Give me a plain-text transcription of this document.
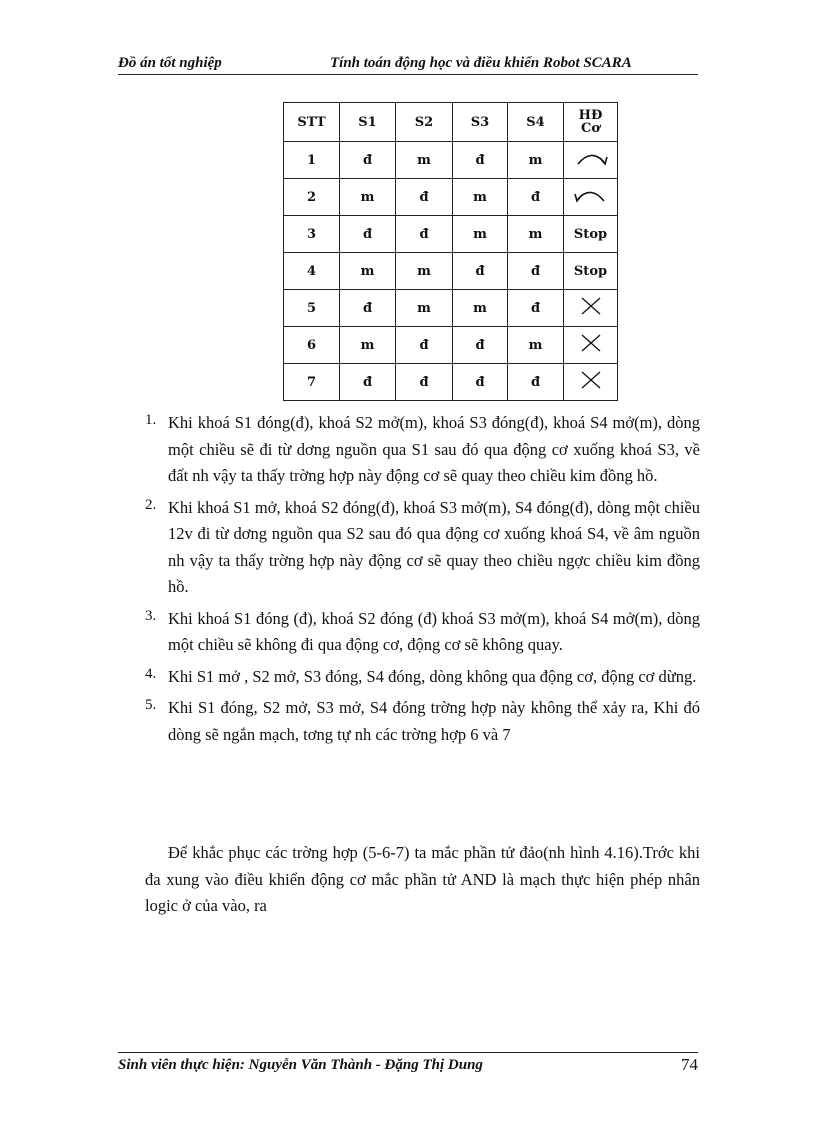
Đồ án tốt nghiệp	Tính toán động học và điều khiển Robot SCARA
STT	S1	S2	S3	S4	HĐ
Cơ
1	đ	m	đ	m	
2	m	đ	m	đ	
3	đ	đ	m	m	Stop
4	m	m	đ	đ	Stop
5	đ	m	m	đ	
6	m	đ	đ	m	
7	đ	đ	đ	đ	
1. Khi khoá S1 đóng(đ), khoá S2 mở(m), khoá S3 đóng(đ), khoá S4 mở(m), dòng một chiều sẽ đi từ dơng nguồn qua S1 sau đó qua động cơ xuống khoá S3, về đất nh vậy ta thấy trờng hợp này động cơ sẽ quay theo chiều kim đồng hồ.
2. Khi khoá S1 mở, khoá S2 đóng(đ), khoá S3 mở(m), S4 đóng(đ), dòng một chiều 12v đi từ dơng nguồn qua S2 sau đó qua động cơ xuống khoá S4, về âm nguồn nh vậy ta thấy trờng hợp này động cơ sẽ quay theo chiều ngợc chiều kim đồng hồ.
3. Khi khoá S1 đóng (đ), khoá S2 đóng (đ) khoá S3 mở(m), khoá S4 mở(m), dòng một chiều sẽ không đi qua động cơ, động cơ sẽ không quay.
4. Khi S1 mở , S2 mở, S3 đóng, S4 đóng, dòng không qua động cơ, động cơ dừng.
5. Khi S1 đóng, S2 mở, S3 mở, S4 đóng trờng hợp này không thể xảy ra, Khi đó dòng sẽ ngắn mạch, tơng tự nh các trờng hợp 6 và 7
Để khắc phục các trờng hợp (5-6-7) ta mắc phần tử đảo(nh hình 4.16).Trớc khi đa xung vào điều khiển động cơ mắc phần tử AND là mạch thực hiện phép nhân logic ở của vào, ra
Sinh viên thực hiện: Nguyễn Văn Thành - Đặng Thị Dung	74
